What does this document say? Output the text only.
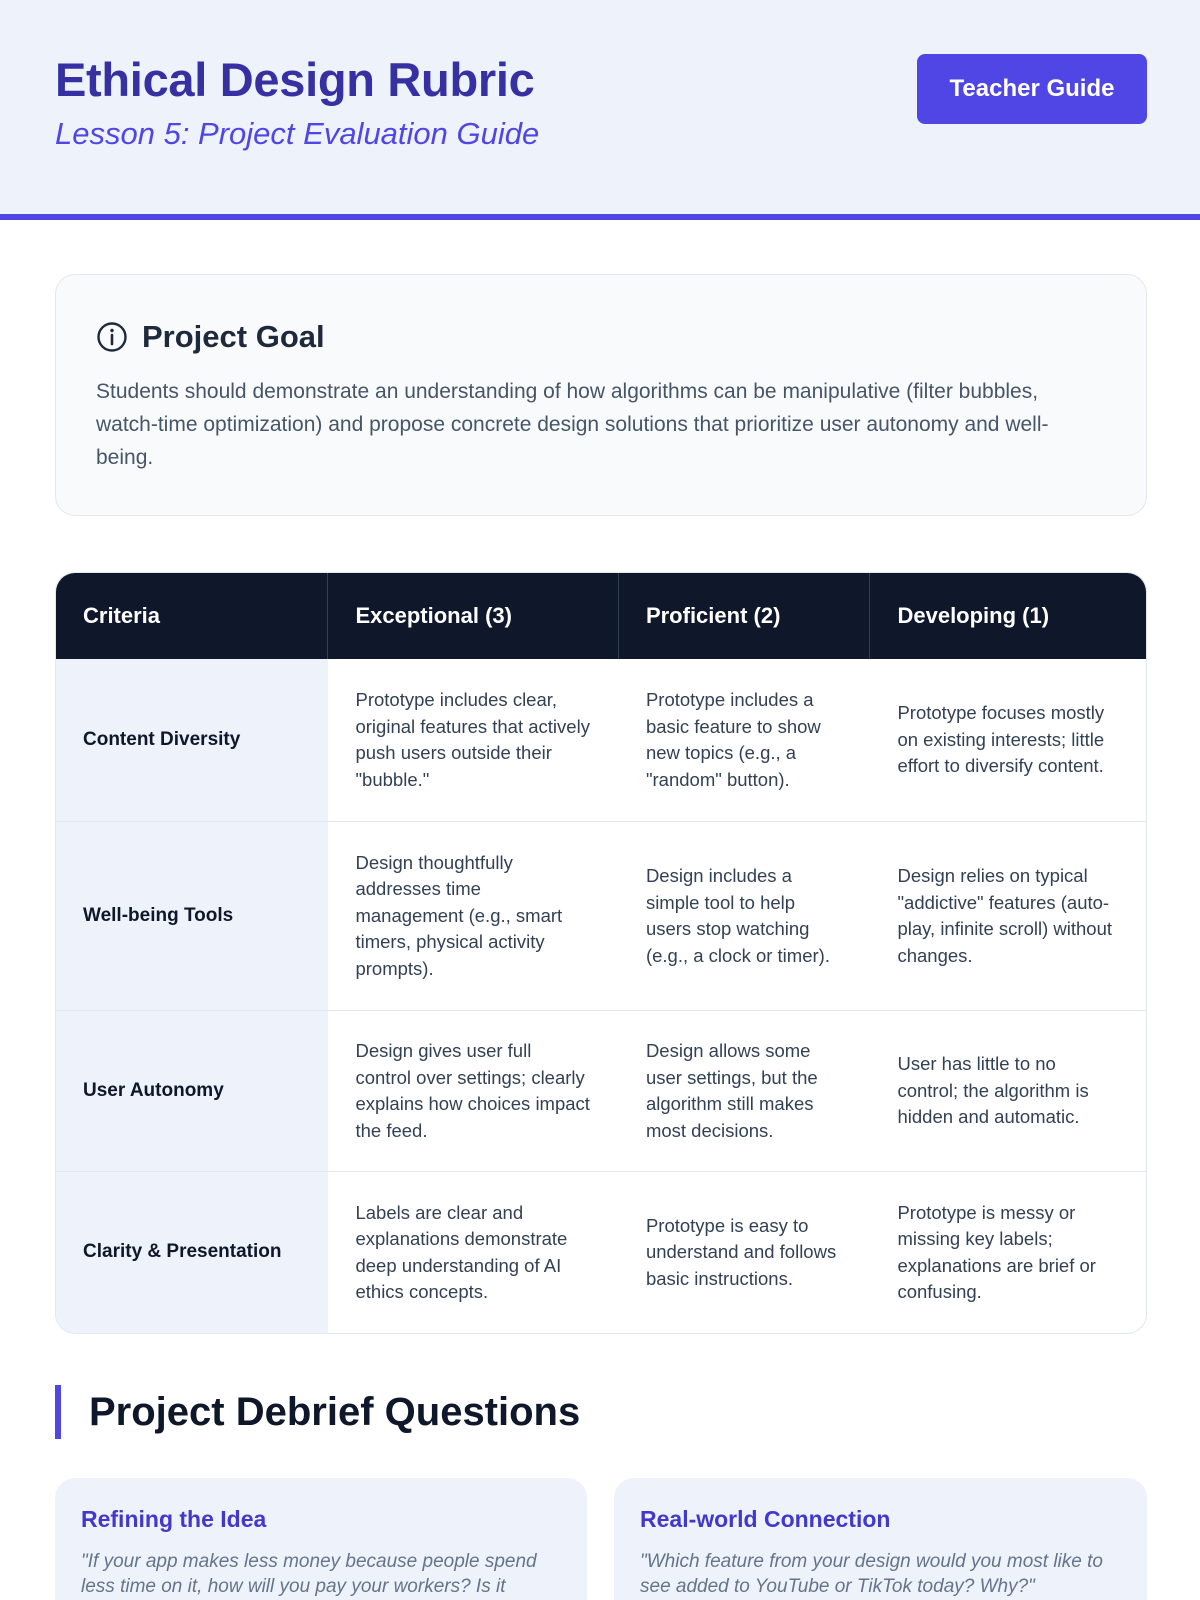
Ethical Design Rubric
Lesson 5: Project Evaluation Guide
Teacher Guide
Project Goal
Students should demonstrate an understanding of how algorithms can be manipulative (filter bubbles, watch-time optimization) and propose concrete design solutions that prioritize user autonomy and well-being.
Criteria	Exceptional (3)	Proficient (2)	Developing (1)
Content Diversity	Prototype includes clear, original features that actively push users outside their "bubble."	Prototype includes a basic feature to show new topics (e.g., a "random" button).	Prototype focuses mostly on existing interests; little effort to diversify content.
Well-being Tools	Design thoughtfully addresses time management (e.g., smart timers, physical activity prompts).	Design includes a simple tool to help users stop watching (e.g., a clock or timer).	Design relies on typical "addictive" features (auto-play, infinite scroll) without changes.
User Autonomy	Design gives user full control over settings; clearly explains how choices impact the feed.	Design allows some user settings, but the algorithm still makes most decisions.	User has little to no control; the algorithm is hidden and automatic.
Clarity & Presentation	Labels are clear and explanations demonstrate deep understanding of AI ethics concepts.	Prototype is easy to understand and follows basic instructions.	Prototype is messy or missing key labels; explanations are brief or confusing.
Project Debrief Questions
Refining the Idea
"If your app makes less money because people spend less time on it, how will you pay your workers? Is it
Real-world Connection
"Which feature from your design would you most like to see added to YouTube or TikTok today? Why?"
